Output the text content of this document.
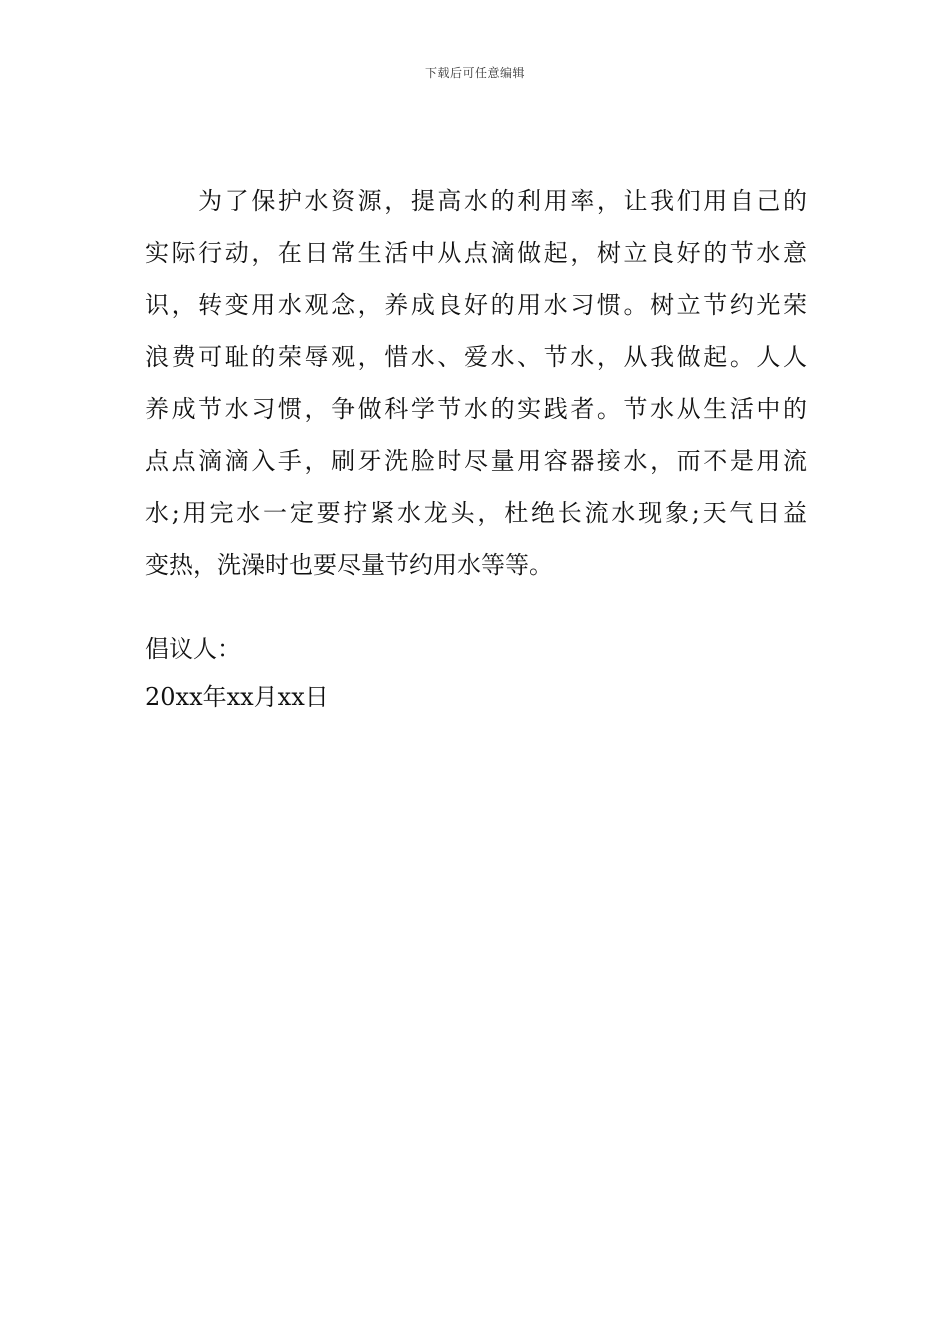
下载后可任意编辑
　　为了保护水资源，提高水的利用率，让我们用自己的
实际行动，在日常生活中从点滴做起，树立良好的节水意
识，转变用水观念，养成良好的用水习惯。树立节约光荣
浪费可耻的荣辱观，惜水、爱水、节水，从我做起。人人
养成节水习惯，争做科学节水的实践者。节水从生活中的
点点滴滴入手，刷牙洗脸时尽量用容器接水，而不是用流
水;用完水一定要拧紧水龙头，杜绝长流水现象;天气日益
变热，洗澡时也要尽量节约用水等等。
倡议人：
20xx年xx月xx日
